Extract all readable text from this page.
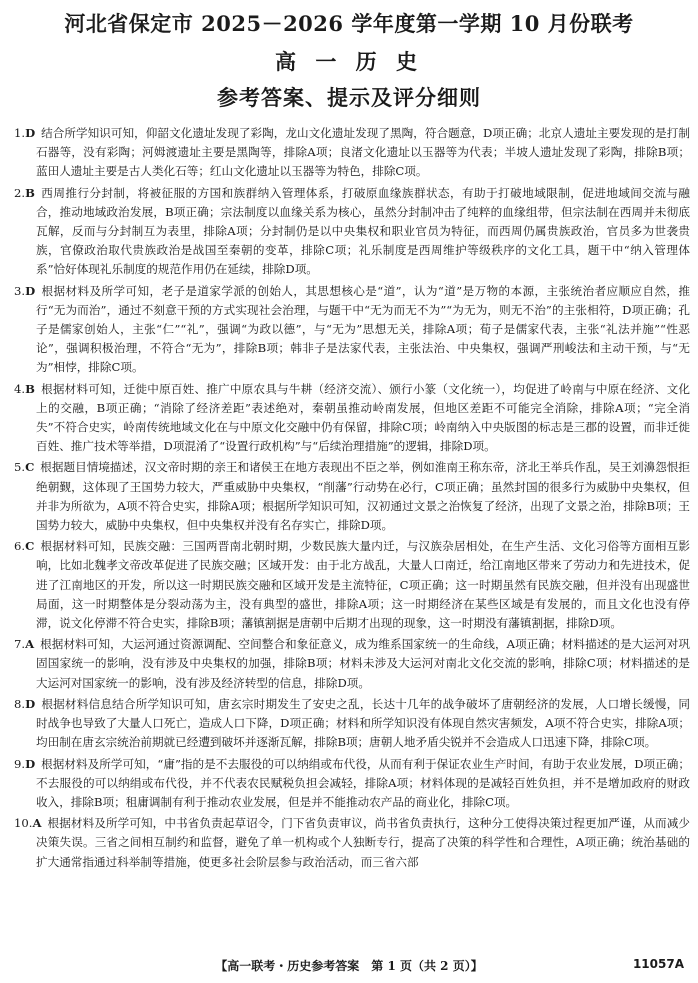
河北省保定市 2025－2026 学年度第一学期 10 月份联考
高 一 历 史
参考答案、提示及评分细则

1.D 结合所学知识可知，仰韶文化遗址发现了彩陶，龙山文化遗址发现了黑陶，符合题意，D项正确；北京人遗址主要发现的是打制石器等，没有彩陶；河姆渡遗址主要是黑陶等，排除A项；良渚文化遗址以玉器等为代表；半坡人遗址发现了彩陶，排除B项；蓝田人遗址主要是古人类化石等；红山文化遗址以玉器等为特色，排除C项。

2.B 西周推行分封制，将被征服的方国和族群纳入管理体系，打破原血缘族群状态，有助于打破地域限制，促进地域间交流与融合，推动地域政治发展，B项正确；宗法制度以血缘关系为核心，虽然分封制冲击了纯粹的血缘组带，但宗法制在西周并未彻底瓦解，反而与分封制互为表里，排除A项；分封制仍是以中央集权和职业官员为特征，而西周仍属贵族政治，官员多为世袭贵族，官僚政治取代贵族政治是战国至秦朝的变革，排除C项；礼乐制度是西周维护等级秩序的文化工具，题干中“纳入管理体系”恰好体现礼乐制度的规范作用仍在延续，排除D项。

3.D 根据材料及所学可知，老子是道家学派的创始人，其思想核心是“道”，认为“道”是万物的本源，主张统治者应顺应自然，推行“无为而治”，通过不刻意干预的方式实现社会治理，与题干中“无为而无不为”“为无为，则无不治”的主张相符，D项正确；孔子是儒家创始人，主张“仁”“礼”，强调“为政以德”，与“无为”思想无关，排除A项；荀子是儒家代表，主张“礼法并施”“性恶论”，强调积极治理，不符合“无为”，排除B项；韩非子是法家代表，主张法治、中央集权，强调严刑峻法和主动干预，与“无为”相悖，排除C项。

4.B 根据材料可知，迁徙中原百姓、推广中原农具与牛耕（经济交流）、颁行小篆（文化统一），均促进了岭南与中原在经济、文化上的交融，B项正确；“消除了经济差距”表述绝对，秦朝虽推动岭南发展，但地区差距不可能完全消除，排除A项；“完全消失”不符合史实，岭南传统地域文化在与中原文化交融中仍有保留，排除C项；岭南纳入中央版图的标志是三郡的设置，而非迁徙百姓、推广技术等举措，D项混淆了“设置行政机构”与“后续治理措施”的逻辑，排除D项。

5.C 根据题目情境描述，汉文帝时期的亲王和诸侯王在地方表现出不臣之举，例如淮南王称东帝，济北王举兵作乱，吴王刘濞怨恨拒绝朝觐，这体现了王国势力较大，严重威胁中央集权，“削藩”行动势在必行，C项正确；虽然封国的很多行为威胁中央集权，但并非为所欲为，A项不符合史实，排除A项；根据所学知识可知，汉初通过文景之治恢复了经济，出现了文景之治，排除B项；王国势力较大，威胁中央集权，但中央集权并没有名存实亡，排除D项。

6.C 根据材料可知，民族交融：三国两晋南北朝时期，少数民族大量内迁，与汉族杂居相处，在生产生活、文化习俗等方面相互影响，比如北魏孝文帝改革促进了民族交融；区域开发：由于北方战乱，大量人口南迁，给江南地区带来了劳动力和先进技术，促进了江南地区的开发，所以这一时期民族交融和区域开发是主流特征，C项正确；这一时期虽然有民族交融，但并没有出现盛世局面，这一时期整体是分裂动荡为主，没有典型的盛世，排除A项；这一时期经济在某些区域是有发展的，而且文化也没有停滞，说文化停滞不符合史实，排除B项；藩镇割据是唐朝中后期才出现的现象，这一时期没有藩镇割据，排除D项。

7.A 根据材料可知，大运河通过资源调配、空间整合和象征意义，成为维系国家统一的生命线，A项正确；材料描述的是大运河对巩固国家统一的影响，没有涉及中央集权的加强，排除B项；材料未涉及大运河对南北文化交流的影响，排除C项；材料描述的是大运河对国家统一的影响，没有涉及经济转型的信息，排除D项。

8.D 根据材料信息结合所学知识可知，唐玄宗时期发生了安史之乱，长达十几年的战争破坏了唐朝经济的发展，人口增长缓慢，同时战争也导致了大量人口死亡，造成人口下降，D项正确；材料和所学知识没有体现自然灾害频发，A项不符合史实，排除A项；均田制在唐玄宗统治前期就已经遭到破坏并逐渐瓦解，排除B项；唐朝人地矛盾尖锐并不会造成人口迅速下降，排除C项。

9.D 根据材料及所学可知，“庸”指的是不去服役的可以纳绢或布代役，从而有利于保证农业生产时间，有助于农业发展，D项正确；不去服役的可以纳绢或布代役，并不代表农民赋税负担会减轻，排除A项；材料体现的是减轻百姓负担，并不是增加政府的财政收入，排除B项；租庸调制有利于推动农业发展，但是并不能推动农产品的商业化，排除C项。

10.A 根据材料及所学可知，中书省负责起草诏令，门下省负责审议，尚书省负责执行，这种分工使得决策过程更加严谨，从而减少决策失误。三省之间相互制约和监督，避免了单一机构或个人独断专行，提高了决策的科学性和合理性，A项正确；统治基础的扩大通常指通过科举制等措施，使更多社会阶层参与政治活动，而三省六部

【高一联考・历史参考答案　第 1 页（共 2 页）】	11057A
